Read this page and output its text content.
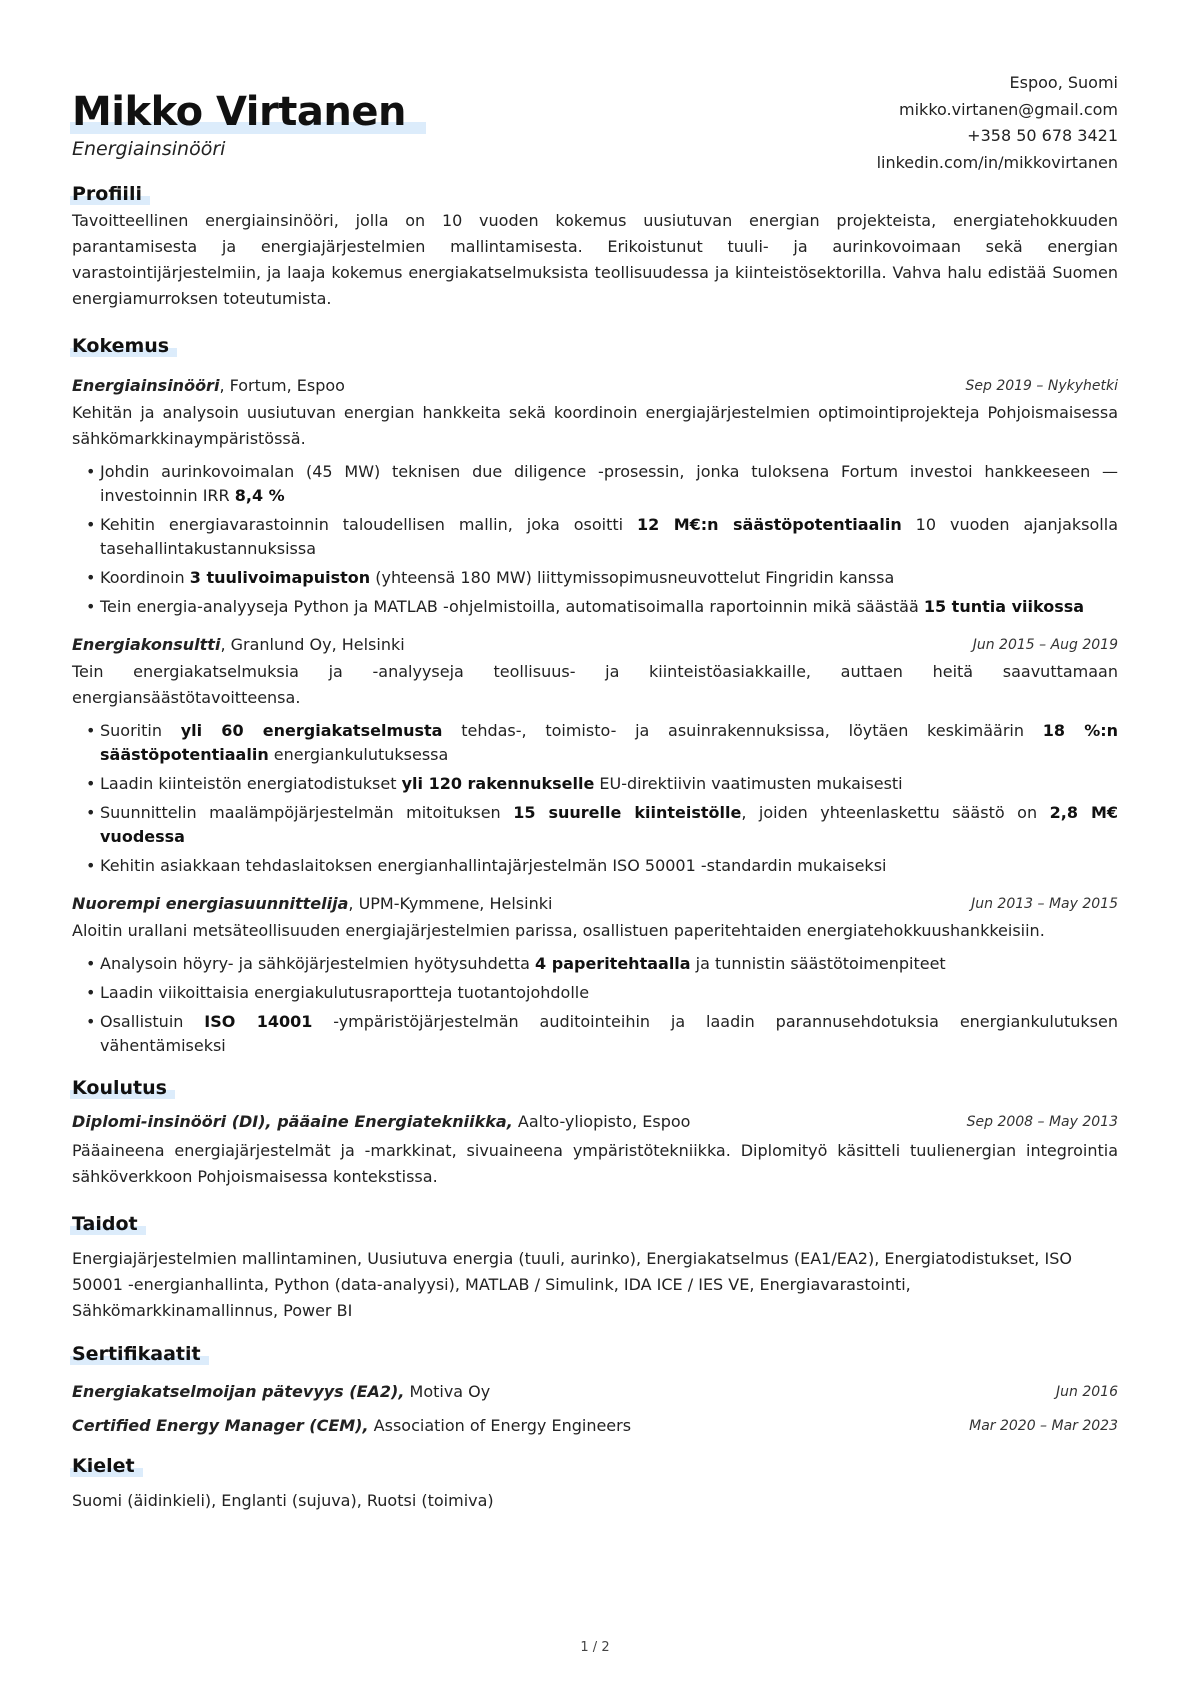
Mikko Virtanen
Energiainsinööri
Espoo, Suomi
mikko.virtanen@gmail.com
+358 50 678 3421
linkedin.com/in/mikkovirtanen
Profiili
Tavoitteellinen energiainsinööri, jolla on 10 vuoden kokemus uusiutuvan energian projekteista, energiatehokkuuden parantamisesta ja energiajärjestelmien mallintamisesta. Erikoistunut tuuli- ja aurinkovoimaan sekä energian varastointijärjestelmiin, ja laaja kokemus energiakatselmuksista teollisuudessa ja kiinteistösektorilla. Vahva halu edistää Suomen energiamurroksen toteutumista.
Kokemus
Energiainsinööri, Fortum, Espoo	Sep 2019 – Nykyhetki
Kehitän ja analysoin uusiutuvan energian hankkeita sekä koordinoin energiajärjestelmien optimointiprojekteja Pohjoismaisessa sähkömarkkinaympäristössä.
• Johdin aurinkovoimalan (45 MW) teknisen due diligence -prosessin, jonka tuloksena Fortum investoi hankkeeseen — investoinnin IRR 8,4 %
• Kehitin energiavarastoinnin taloudellisen mallin, joka osoitti 12 M€:n säästöpotentiaalin 10 vuoden ajanjaksolla tasehallintakustannuksissa
• Koordinoin 3 tuulivoimapuiston (yhteensä 180 MW) liittymissopimusneuvottelut Fingridin kanssa
• Tein energia-analyyseja Python ja MATLAB -ohjelmistoilla, automatisoimalla raportoinnin mikä säästää 15 tuntia viikossa
Energiakonsultti, Granlund Oy, Helsinki	Jun 2015 – Aug 2019
Tein energiakatselmuksia ja -analyyseja teollisuus- ja kiinteistöasiakkaille, auttaen heitä saavuttamaan energiansäästötavoitteensa.
• Suoritin yli 60 energiakatselmusta tehdas-, toimisto- ja asuinrakennuksissa, löytäen keskimäärin 18 %:n säästöpotentiaalin energiankulutuksessa
• Laadin kiinteistön energiatodistukset yli 120 rakennukselle EU-direktiivin vaatimusten mukaisesti
• Suunnittelin maalämpöjärjestelmän mitoituksen 15 suurelle kiinteistölle, joiden yhteenlaskettu säästö on 2,8 M€ vuodessa
• Kehitin asiakkaan tehdaslaitoksen energianhallintajärjestelmän ISO 50001 -standardin mukaiseksi
Nuorempi energiasuunnittelija, UPM-Kymmene, Helsinki	Jun 2013 – May 2015
Aloitin urallani metsäteollisuuden energiajärjestelmien parissa, osallistuen paperitehtaiden energiatehokkuushankkeisiin.
• Analysoin höyry- ja sähköjärjestelmien hyötysuhdetta 4 paperitehtaalla ja tunnistin säästötoimenpiteet
• Laadin viikoittaisia energiakulutusraportteja tuotantojohdolle
• Osallistuin ISO 14001 -ympäristöjärjestelmän auditointeihin ja laadin parannusehdotuksia energiankulutuksen vähentämiseksi
Koulutus
Diplomi-insinööri (DI), pääaine Energiatekniikka, Aalto-yliopisto, Espoo	Sep 2008 – May 2013
Pääaineena energiajärjestelmät ja -markkinat, sivuaineena ympäristötekniikka. Diplomityö käsitteli tuulienergian integrointia sähköverkkoon Pohjoismaisessa kontekstissa.
Taidot
Energiajärjestelmien mallintaminen, Uusiutuva energia (tuuli, aurinko), Energiakatselmus (EA1/EA2), Energiatodistukset, ISO 50001 -energianhallinta, Python (data-analyysi), MATLAB / Simulink, IDA ICE / IES VE, Energiavarastointi, Sähkömarkkinamallinnus, Power BI
Sertifikaatit
Energiakatselmoijan pätevyys (EA2), Motiva Oy	Jun 2016
Certified Energy Manager (CEM), Association of Energy Engineers	Mar 2020 – Mar 2023
Kielet
Suomi (äidinkieli), Englanti (sujuva), Ruotsi (toimiva)
1 / 2
